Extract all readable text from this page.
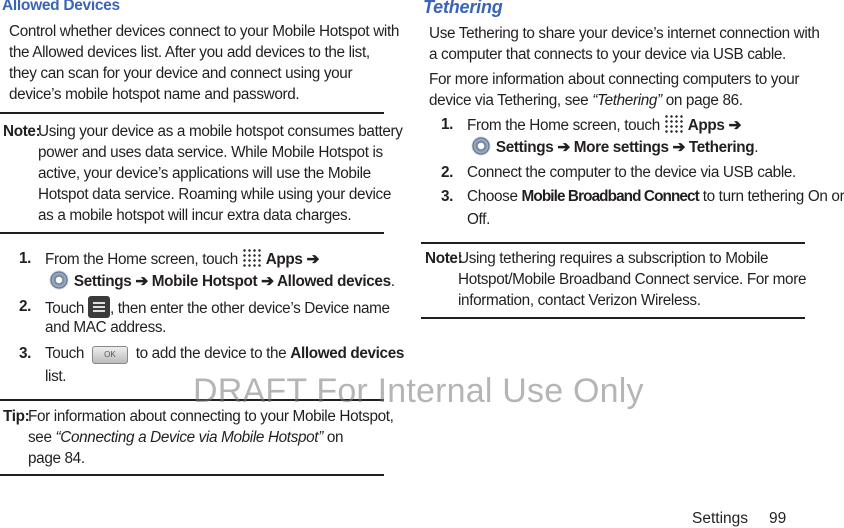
Allowed Devices
Control whether devices connect to your Mobile Hotspot with
the Allowed devices list. After you add devices to the list,
they can scan for your device and connect using your
device’s mobile hotspot name and password.
Note:
Using your device as a mobile hotspot consumes battery
power and uses data service. While Mobile Hotspot is
active, your device’s applications will use the Mobile
Hotspot data service. Roaming while using your device
as a mobile hotspot will incur extra data charges.
1. From the Home screen, touch Apps ➔
Settings ➔ Mobile Hotspot ➔ Allowed devices.
2. Touch , then enter the other device’s Device name
and MAC address.
3. Touch	OK to add the device to the Allowed devices
list.
Tip:
For information about connecting to your Mobile Hotspot,
see “Connecting a Device via Mobile Hotspot” on
page 84.
Tethering
Use Tethering to share your device’s internet connection with
a computer that connects to your device via USB cable.
For more information about connecting computers to your
device via Tethering, see “Tethering” on page 86.
1. From the Home screen, touch Apps ➔
Settings ➔ More settings ➔ Tethering.
2. Connect the computer to the device via USB cable.
3. Choose Mobile Broadband Connect to turn tethering On or
Off.
Note:
Using tethering requires a subscription to Mobile
Hotspot/Mobile Broadband Connect service. For more
information, contact Verizon Wireless.
DRAFT For Internal Use Only
Settings 99
